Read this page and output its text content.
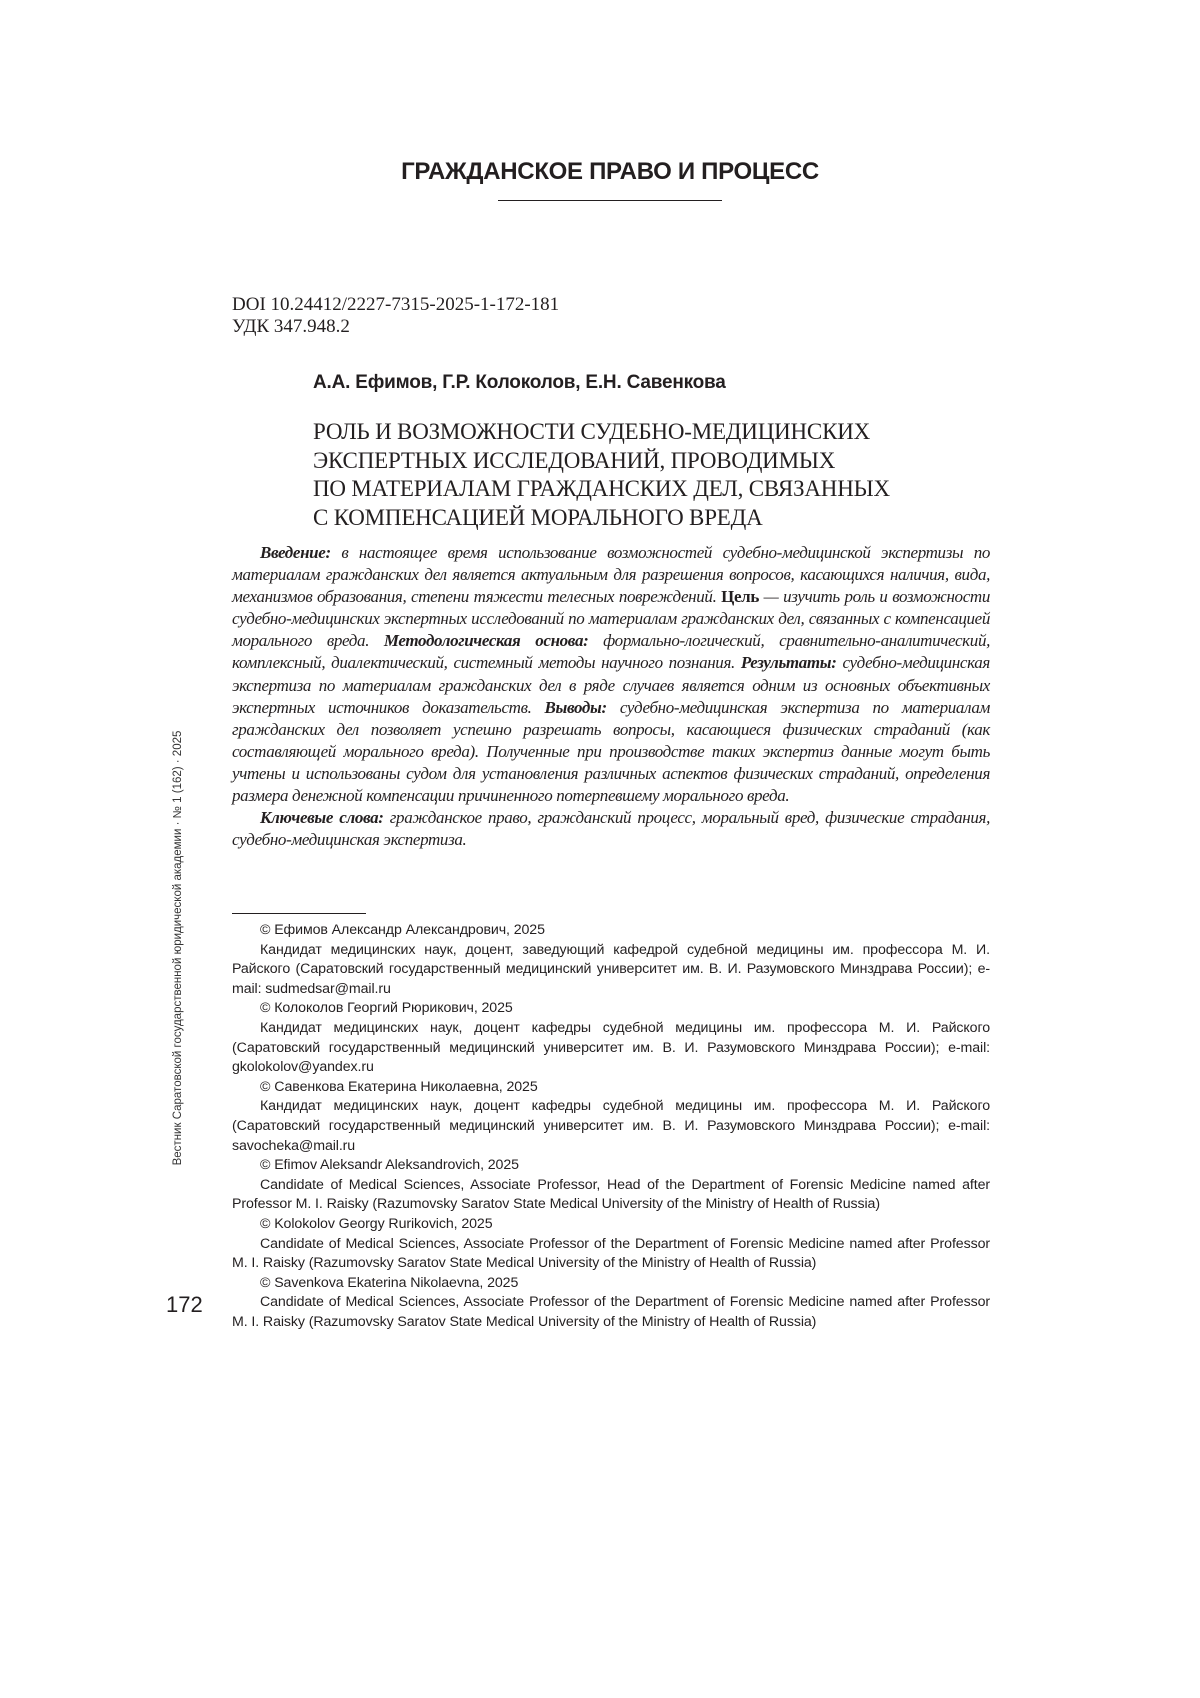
ГРАЖДАНСКОЕ ПРАВО И ПРОЦЕСС
DOI 10.24412/2227-7315-2025-1-172-181
УДК 347.948.2
А.А. Ефимов, Г.Р. Колоколов, Е.Н. Савенкова
РОЛЬ И ВОЗМОЖНОСТИ СУДЕБНО-МЕДИЦИНСКИХ
ЭКСПЕРТНЫХ ИССЛЕДОВАНИЙ, ПРОВОДИМЫХ
ПО МАТЕРИАЛАМ ГРАЖДАНСКИХ ДЕЛ, СВЯЗАННЫХ
С КОМПЕНСАЦИЕЙ МОРАЛЬНОГО ВРЕДА

Введение: в настоящее время использование возможностей судебно-медицинской экспертизы по материалам гражданских дел является актуальным для разрешения вопросов, касающихся наличия, вида, механизмов образования, степени тяжести телесных повреждений. Цель — изучить роль и возможности судебно-медицинских экспертных исследований по материалам гражданских дел, связанных с компенсацией морального вреда. Методологическая основа: формально-логический, сравнительно-аналитический, комплексный, диалектический, системный методы научного познания. Результаты: судебно-медицинская экспертиза по материалам гражданских дел в ряде случаев является одним из основных объективных экспертных источников доказательств. Выводы: судебно-медицинская экспертиза по материалам гражданских дел позволяет успешно разрешать вопросы, касающиеся физических страданий (как составляющей морального вреда). Полученные при производстве таких экспертиз данные могут быть учтены и использованы судом для установления различных аспектов физических страданий, определения размера денежной компенсации причиненного потерпевшему морального вреда.

Ключевые слова: гражданское право, гражданский процесс, моральный вред, физические страдания, судебно-медицинская экспертиза.

© Ефимов Александр Александрович, 2025

Кандидат медицинских наук, доцент, заведующий кафедрой судебной медицины им. профессора М. И. Райского (Саратовский государственный медицинский университет им. В. И. Разумовского Минздрава России); e-mail: sudmedsar@mail.ru

© Колоколов Георгий Рюрикович, 2025

Кандидат медицинских наук, доцент кафедры судебной медицины им. профессора М. И. Райского (Саратовский государственный медицинский университет им. В. И. Разумовского Минздрава России); e-mail: gkolokolov@yandex.ru

© Савенкова Екатерина Николаевна, 2025

Кандидат медицинских наук, доцент кафедры судебной медицины им. профессора М. И. Райского (Саратовский государственный медицинский университет им. В. И. Разумовского Минздрава России); e-mail: savocheka@mail.ru

© Efimov Aleksandr Aleksandrovich, 2025

Candidate of Medical Sciences, Associate Professor, Head of the Department of Forensic Medicine named after Professor M. I. Raisky (Razumovsky Saratov State Medical University of the Ministry of Health of Russia)

© Kolokolov Georgy Rurikovich, 2025

Candidate of Medical Sciences, Associate Professor of the Department of Forensic Medicine named after Professor M. I. Raisky (Razumovsky Saratov State Medical University of the Ministry of Health of Russia)

© Savenkova Ekaterina Nikolaevna, 2025

Candidate of Medical Sciences, Associate Professor of the Department of Forensic Medicine named after Professor M. I. Raisky (Razumovsky Saratov State Medical University of the Ministry of Health of Russia)

Вестник Саратовской государственной юридической академии · № 1 (162) · 2025
172
